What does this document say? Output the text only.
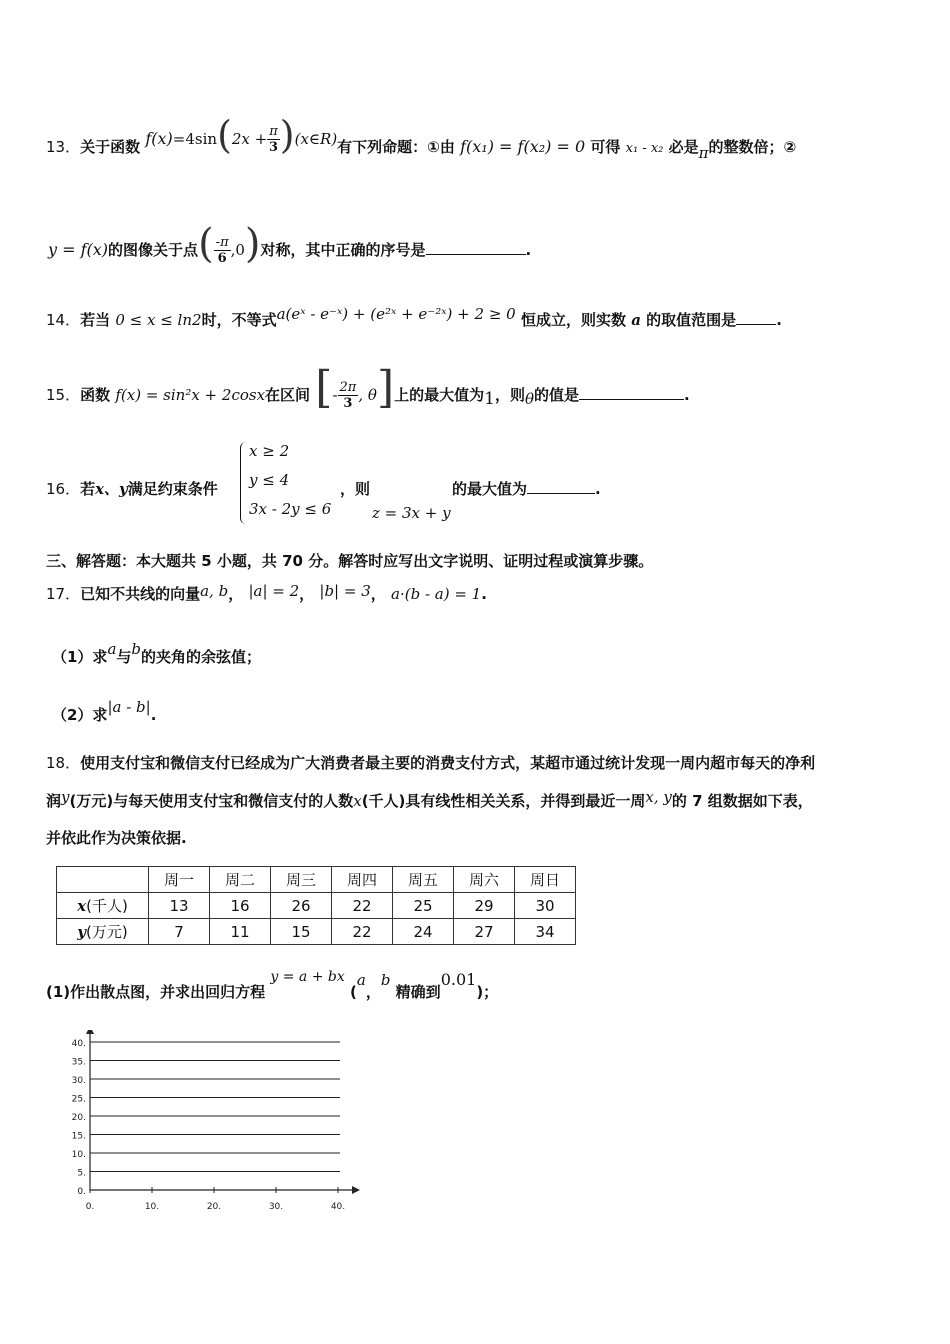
13．关于函数 $f(x)=4\sin(2x + \frac{\pi}{3}$ )(x∈R)有下列命题：①由 f(x₁) = f(x₂) = 0 可得 x₁ - x₂ 必是π的整数倍；②
y = f(x)的图像关于点( $\frac{-\pi}{6} ,0$)对称，其中正确的序号是	.
14．若当 0 ≤ x ≤ ln2时，不等式a(eˣ - e⁻ˣ) + (e²ˣ + e⁻²ˣ) + 2 ≥ 0 恒成立，则实数 a 的取值范围是	.
15．函数 f(x) = sin²x + 2cosx在区间 [- $\frac{2\pi}{3}$ , θ]上的最大值为1，则θ的值是	.
16．若x、y满足约束条件
x ≥ 2
y ≤ 4
3x - 2y ≤ 6
，则
z = 3x + y
的最大值为	.
三、解答题：本大题共 5 小题，共 70 分。解答时应写出文字说明、证明过程或演算步骤。
17．已知不共线的向量a, b， |a| = 2， |b| = 3， a·(b - a) = 1.
（1）求a与b的夹角的余弦值；
（2）求|a - b|.
18．使用支付宝和微信支付已经成为广大消费者最主要的消费支付方式，某超市通过统计发现一周内超市每天的净利
润y(万元)与每天使用支付宝和微信支付的人数x(千人)具有线性相关关系，并得到最近一周x, y的 7 组数据如下表，
并依此作为决策依据.
	周一	周二	周三	周四	周五	周六	周日
x(千人)	13	16	26	22	25	29	30
y(万元)	7	11	15	22	24	27	34
(1)作出散点图，并求出回归方程 y = a + bx (a，b 精确到0.01)；
0.
5.
10.
15.
20.
25.
30.
35.
40.
0.	10.	20.	30.	40.
